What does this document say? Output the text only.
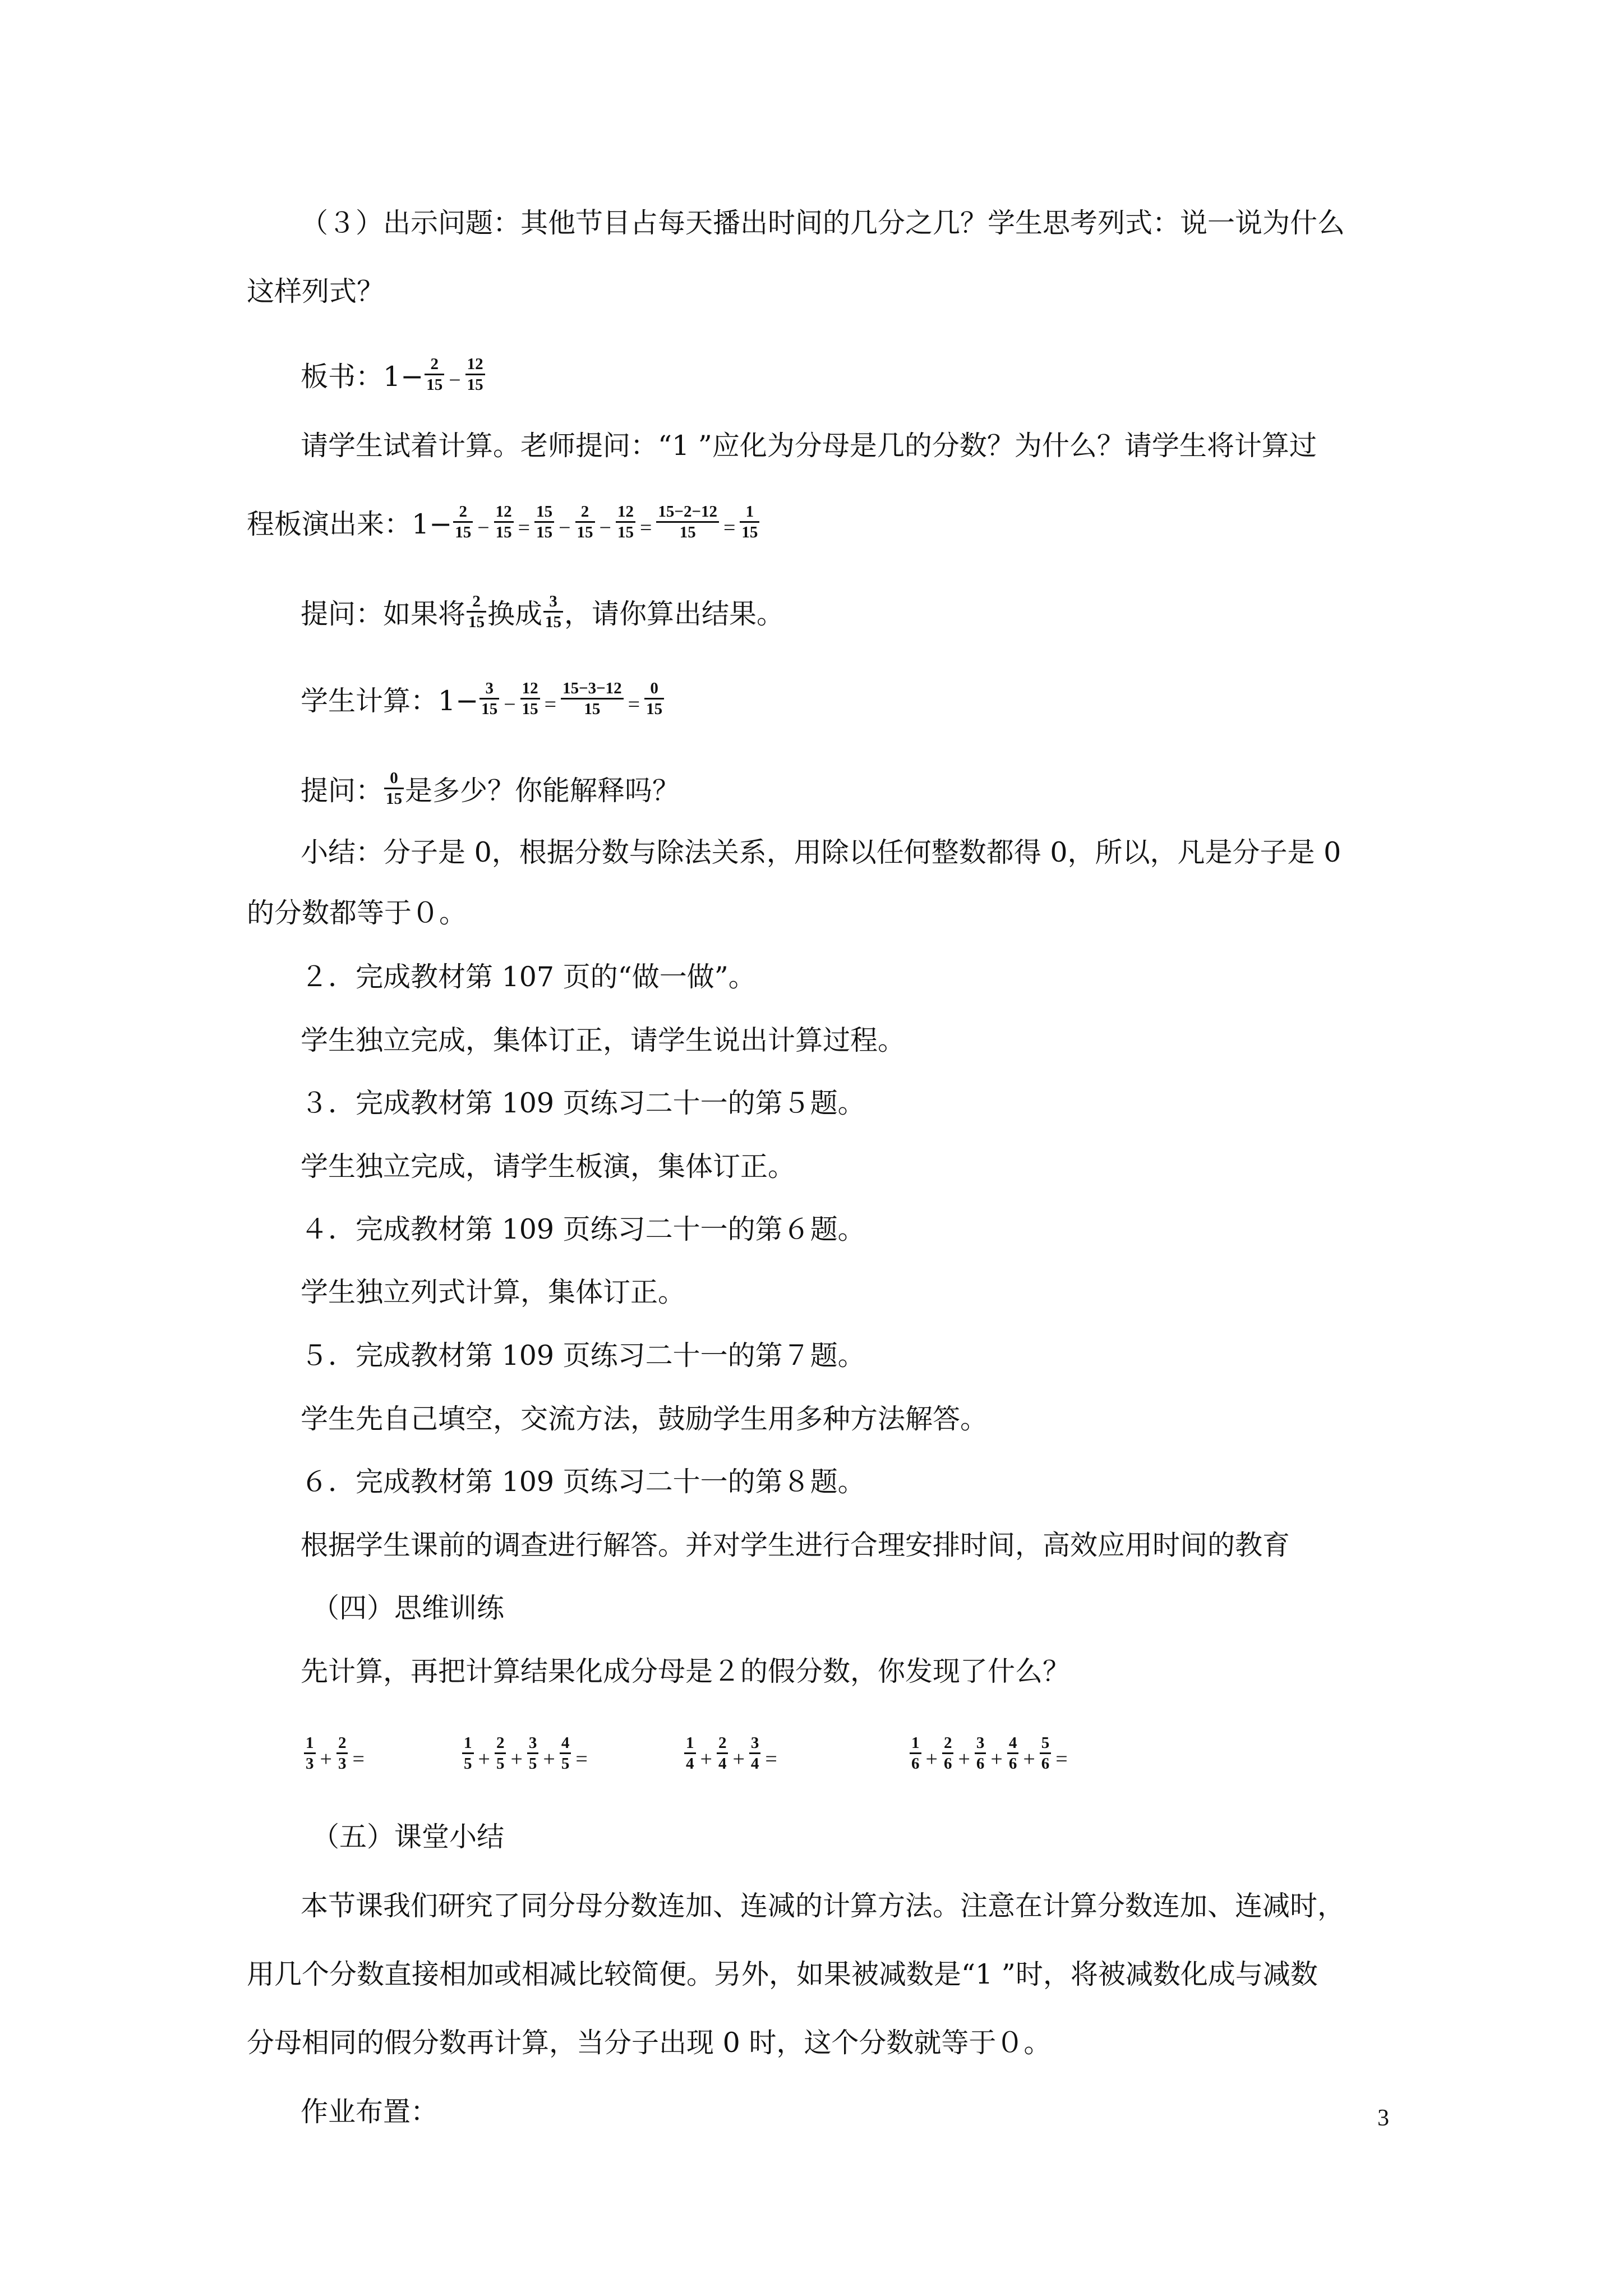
（３）出示问题：其他节目占每天播出时间的几分之几？学生思考列式：说一说为什么
这样列式？
板书：$1- \frac{2}{15} - \frac{12}{15}$
请学生试着计算。老师提问：“1 ”应化为分母是几的分数？为什么？请学生将计算过
程板演出来：$1- \frac{2}{15} - \frac{12}{15} = \frac{15}{15} - \frac{2}{15} - \frac{12}{15} = \frac{15-2-12}{15} = \frac{1}{15}$
提问：如果将 $\frac{2}{15}$ 换成 $\frac{3}{15}$ ，请你算出结果。
学生计算：$1- \frac{3}{15} - \frac{12}{15} = \frac{15-3-12}{15} = \frac{0}{15}$
提问： $\frac{0}{15}$ 是多少？你能解释吗？
小结：分子是 0，根据分数与除法关系，用除以任何整数都得 0，所以，凡是分子是 0
的分数都等于０。
２．完成教材第 107 页的“做一做”。
学生独立完成，集体订正，请学生说出计算过程。
３．完成教材第 109 页练习二十一的第５题。
学生独立完成，请学生板演，集体订正。
４．完成教材第 109 页练习二十一的第６题。
学生独立列式计算，集体订正。
５．完成教材第 109 页练习二十一的第７题。
学生先自己填空，交流方法，鼓励学生用多种方法解答。
６．完成教材第 109 页练习二十一的第８题。
根据学生课前的调查进行解答。并对学生进行合理安排时间，高效应用时间的教育
（四）思维训练
先计算，再把计算结果化成分母是２的假分数，你发现了什么？
$\frac{1}{3} + \frac{2}{3}$ =	$\frac{1}{5} + \frac{2}{5} + \frac{3}{5} + \frac{4}{5}$ =	$\frac{1}{4} + \frac{2}{4} + \frac{3}{4}$ =	$\frac{1}{6} + \frac{2}{6} + \frac{3}{6} + \frac{4}{6} + \frac{5}{6}$ =
（五）课堂小结
本节课我们研究了同分母分数连加、连减的计算方法。注意在计算分数连加、连减时，
用几个分数直接相加或相减比较简便。另外，如果被减数是“1 ”时，将被减数化成与减数
分母相同的假分数再计算，当分子出现 0 时，这个分数就等于０。
作业布置：	3
